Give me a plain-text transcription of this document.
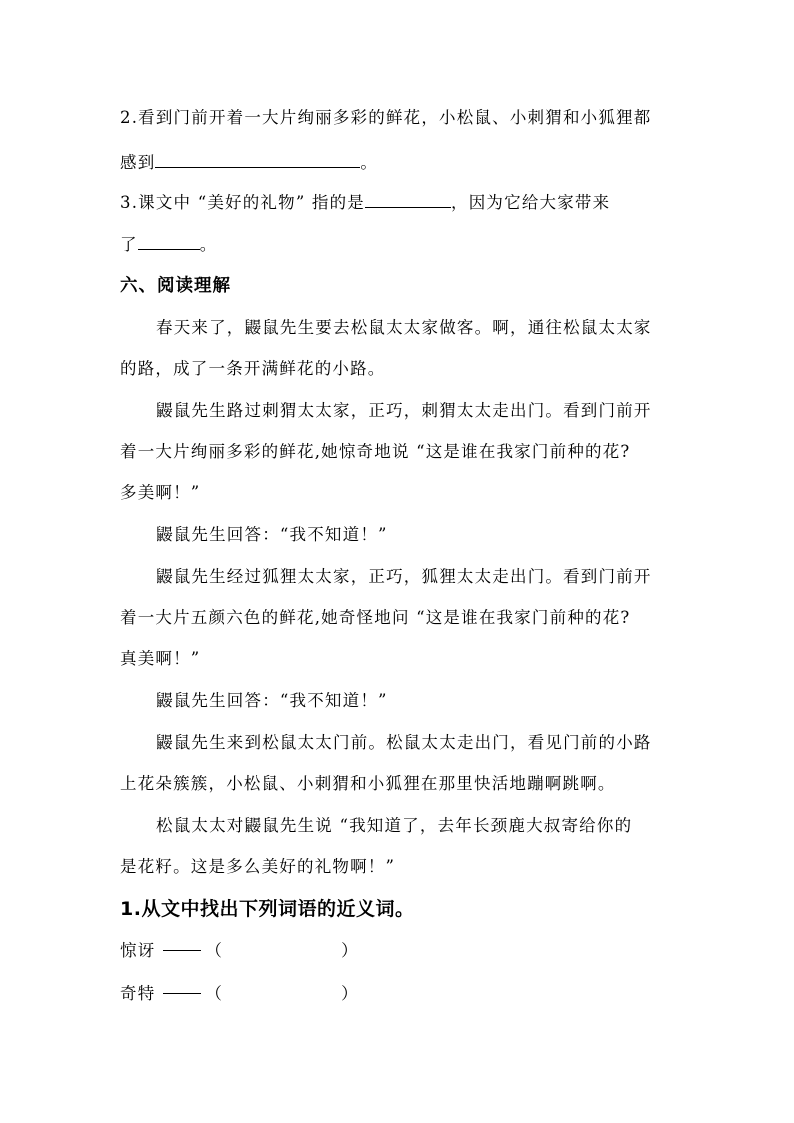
2.看到门前开着一大片绚丽多彩的鲜花，小松鼠、小刺猬和小狐狸都
感到	。
3.课文中 “美好的礼物” 指的是	，因为它给大家带来
了	。
六、阅读理解
春天来了，鼹鼠先生要去松鼠太太家做客。啊，通往松鼠太太家
的路，成了一条开满鲜花的小路。
鼹鼠先生路过刺猬太太家，正巧，刺猬太太走出门。看到门前开
着一大片绚丽多彩的鲜花,她惊奇地说 “这是谁在我家门前种的花?
多美啊！”
鼹鼠先生回答：“我不知道！”
鼹鼠先生经过狐狸太太家，正巧，狐狸太太走出门。看到门前开
着一大片五颜六色的鲜花,她奇怪地问 “这是谁在我家门前种的花?
真美啊！”
鼹鼠先生回答：“我不知道！”
鼹鼠先生来到松鼠太太门前。松鼠太太走出门，看见门前的小路
上花朵簇簇，小松鼠、小刺猬和小狐狸在那里快活地蹦啊跳啊。
松鼠太太对鼹鼠先生说 “我知道了，去年长颈鹿大叔寄给你的
是花籽。这是多么美好的礼物啊！”
1.从文中找出下列词语的近义词。
惊讶	（	）
奇特	（	）
